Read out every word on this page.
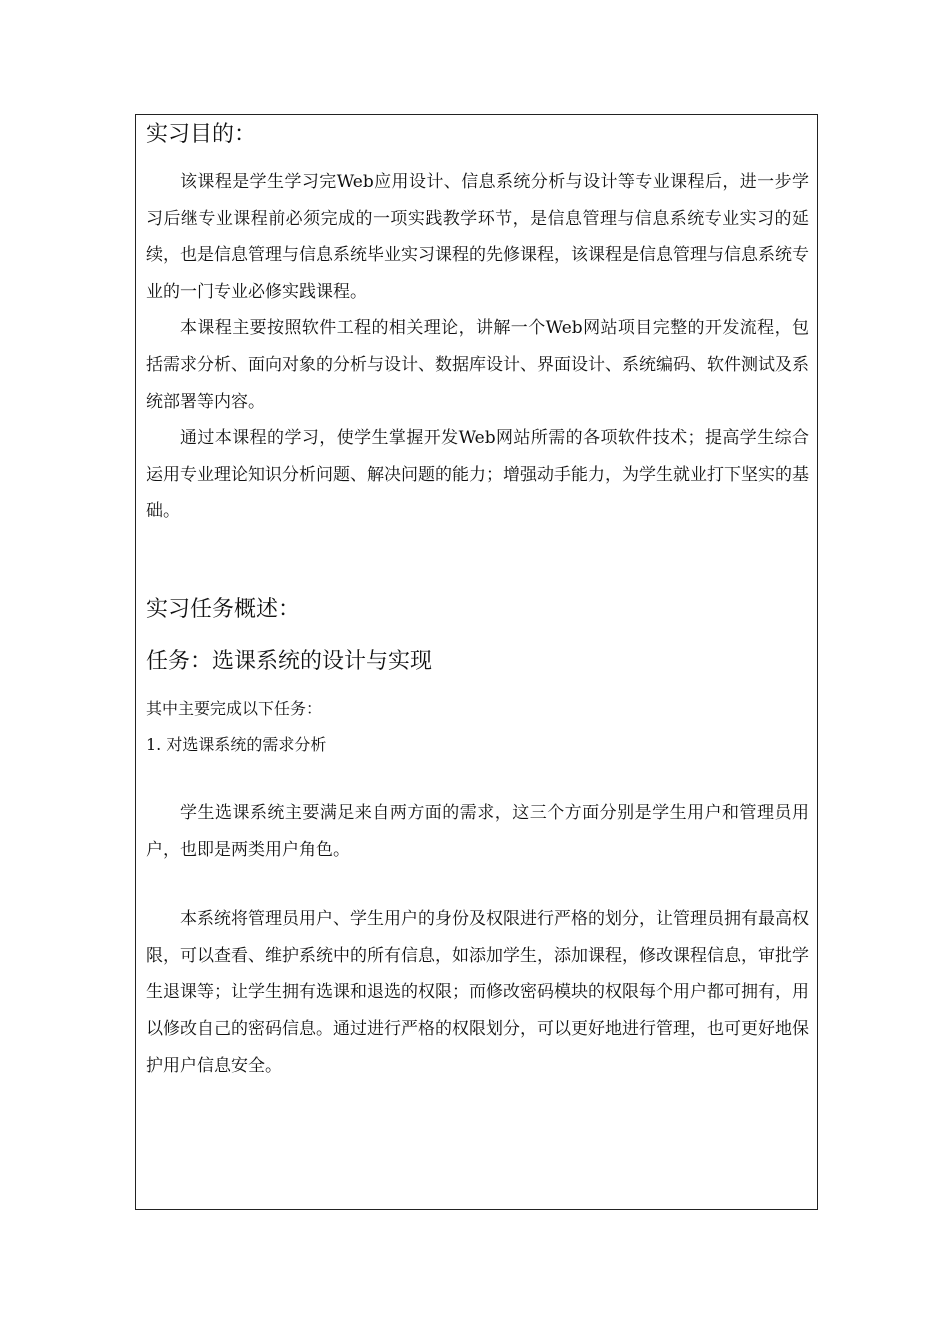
实习目的：

该课程是学生学习完Web应用设计、信息系统分析与设计等专业课程后，进一步学习后继专业课程前必须完成的一项实践教学环节，是信息管理与信息系统专业实习的延续，也是信息管理与信息系统毕业实习课程的先修课程，该课程是信息管理与信息系统专业的一门专业必修实践课程。

本课程主要按照软件工程的相关理论，讲解一个Web网站项目完整的开发流程，包括需求分析、面向对象的分析与设计、数据库设计、界面设计、系统编码、软件测试及系统部署等内容。

通过本课程的学习，使学生掌握开发Web网站所需的各项软件技术；提高学生综合运用专业理论知识分析问题、解决问题的能力；增强动手能力，为学生就业打下坚实的基础。

实习任务概述：
任务：选课系统的设计与实现

其中主要完成以下任务：

1. 对选课系统的需求分析

学生选课系统主要满足来自两方面的需求，这三个方面分别是学生用户和管理员用户，也即是两类用户角色。

本系统将管理员用户、学生用户的身份及权限进行严格的划分，让管理员拥有最高权限，可以查看、维护系统中的所有信息，如添加学生，添加课程，修改课程信息，审批学生退课等；让学生拥有选课和退选的权限；而修改密码模块的权限每个用户都可拥有，用以修改自己的密码信息。通过进行严格的权限划分，可以更好地进行管理，也可更好地保护用户信息安全。
